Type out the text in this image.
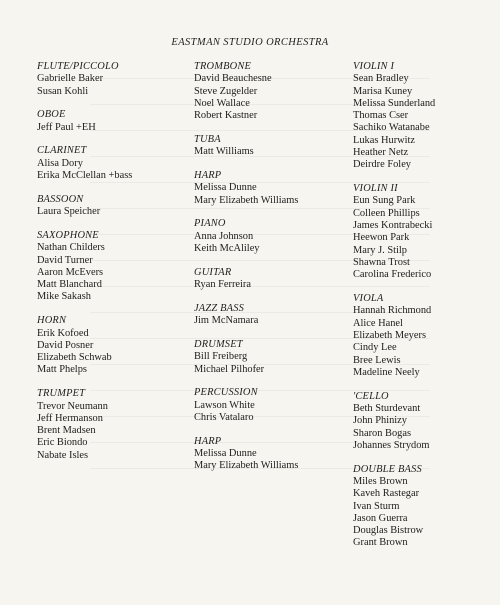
EASTMAN STUDIO ORCHESTRA
FLUTE/PICCOLO
Gabrielle Baker
Susan Kohli
OBOE
Jeff Paul +EH
CLARINET
Alisa Dory
Erika McClellan +bass
BASSOON
Laura Speicher
SAXOPHONE
Nathan Childers
David Turner
Aaron McEvers
Matt Blanchard
Mike Sakash
HORN
Erik Kofoed
David Posner
Elizabeth Schwab
Matt Phelps
TRUMPET
Trevor Neumann
Jeff Hermanson
Brent Madsen
Eric Biondo
Nabate Isles
TROMBONE
David Beauchesne
Steve Zugelder
Noel Wallace
Robert Kastner
TUBA
Matt Williams
HARP
Melissa Dunne
Mary Elizabeth Williams
PIANO
Anna Johnson
Keith McAliley
GUITAR
Ryan Ferreira
JAZZ BASS
Jim McNamara
DRUMSET
Bill Freiberg
Michael Pilhofer
PERCUSSION
Lawson White
Chris Vatalaro
HARP
Melissa Dunne
Mary Elizabeth Williams
VIOLIN I
Sean Bradley
Marisa Kuney
Melissa Sunderland
Thomas Cser
Sachiko Watanabe
Lukas Hurwitz
Heather Netz
Deirdre Foley
VIOLIN II
Eun Sung Park
Colleen Phillips
James Kontrabecki
Heewon Park
Mary J. Stilp
Shawna Trost
Carolina Frederico
VIOLA
Hannah Richmond
Alice Hanel
Elizabeth Meyers
Cindy Lee
Bree Lewis
Madeline Neely
'CELLO
Beth Sturdevant
John Phinizy
Sharon Bogas
Johannes Strydom
DOUBLE BASS
Miles Brown
Kaveh Rastegar
Ivan Sturm
Jason Guerra
Douglas Bistrow
Grant Brown
